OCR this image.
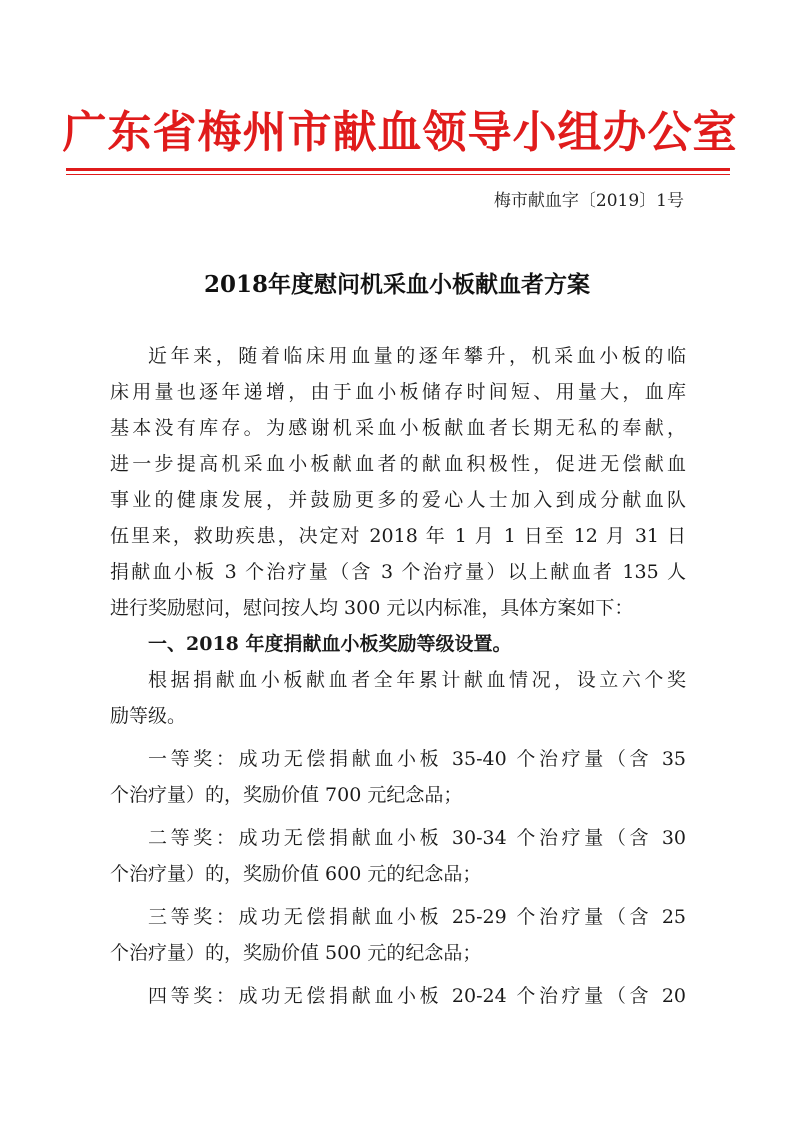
广东省梅州市献血领导小组办公室
梅市献血字〔2019〕1号
2018年度慰问机采血小板献血者方案
近年来，随着临床用血量的逐年攀升，机采血小板的临
床用量也逐年递增，由于血小板储存时间短、用量大，血库
基本没有库存。为感谢机采血小板献血者长期无私的奉献，
进一步提高机采血小板献血者的献血积极性，促进无偿献血
事业的健康发展，并鼓励更多的爱心人士加入到成分献血队
伍里来，救助疾患，决定对 2018 年 1 月 1 日至 12 月 31 日
捐献血小板 3 个治疗量（含 3 个治疗量）以上献血者 135 人
进行奖励慰问，慰问按人均 300 元以内标准，具体方案如下：
一、2018 年度捐献血小板奖励等级设置。
根据捐献血小板献血者全年累计献血情况，设立六个奖
励等级。
一等奖：成功无偿捐献血小板 35-40 个治疗量（含 35
个治疗量）的，奖励价值 700 元纪念品；
二等奖：成功无偿捐献血小板 30-34 个治疗量（含 30
个治疗量）的，奖励价值 600 元的纪念品；
三等奖：成功无偿捐献血小板 25-29 个治疗量（含 25
个治疗量）的，奖励价值 500 元的纪念品；
四等奖：成功无偿捐献血小板 20-24 个治疗量（含 20
